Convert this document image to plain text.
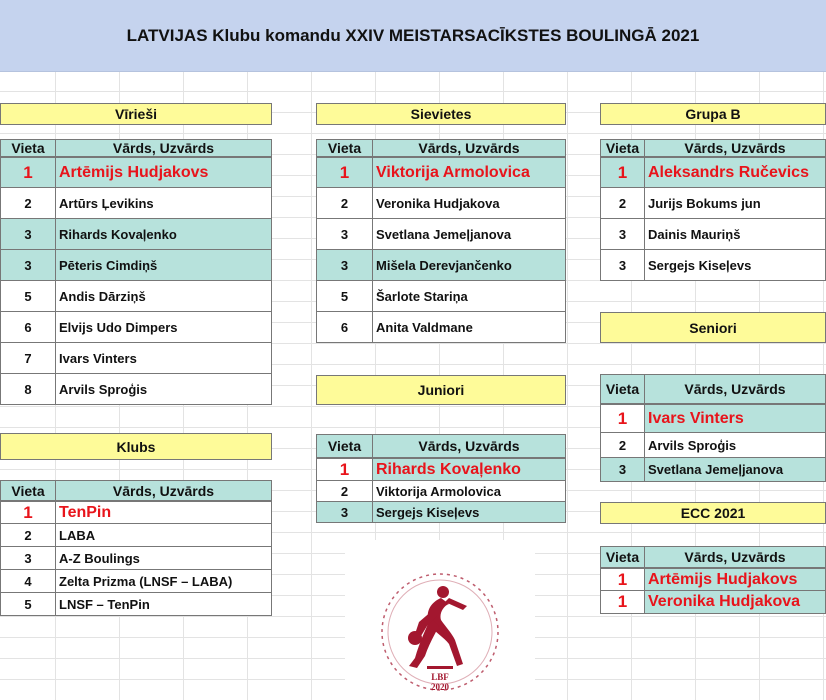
LATVIJAS Klubu komandu XXIV MEISTARSACĪKSTES BOULINGĀ 2021
Vīrieši
Vieta	Vārds, Uzvārds
1	Artēmijs Hudjakovs
2	Artūrs Ļevikins
3	Rihards Kovaļenko
3	Pēteris Cimdiņš
5	Andis Dārziņš
6	Elvijs Udo Dimpers
7	Ivars Vinters
8	Arvils Sproģis
Klubs
Vieta	Vārds, Uzvārds
1	TenPin
2	LABA
3	A-Z Boulings
4	Zelta Prizma (LNSF – LABA)
5	LNSF – TenPin
Sievietes
Vieta	Vārds, Uzvārds
1	Viktorija Armolovica
2	Veronika Hudjakova
3	Svetlana Jemeļjanova
3	Mišela Derevjančenko
5	Šarlote Stariņa
6	Anita Valdmane
Juniori
Vieta	Vārds, Uzvārds
1	Rihards Kovaļenko
2	Viktorija Armolovica
3	Sergejs Kiseļevs
Grupa B
Vieta	Vārds, Uzvārds
1	Aleksandrs Ručevics
2	Jurijs Bokums jun
3	Dainis Mauriņš
3	Sergejs Kiseļevs
Seniori
Vieta	Vārds, Uzvārds
1	Ivars Vinters
2	Arvils Sproģis
3	Svetlana Jemeļjanova
ECC 2021
Vieta	Vārds, Uzvārds
1	Artēmijs Hudjakovs
1	Veronika Hudjakova
LBF
2020
